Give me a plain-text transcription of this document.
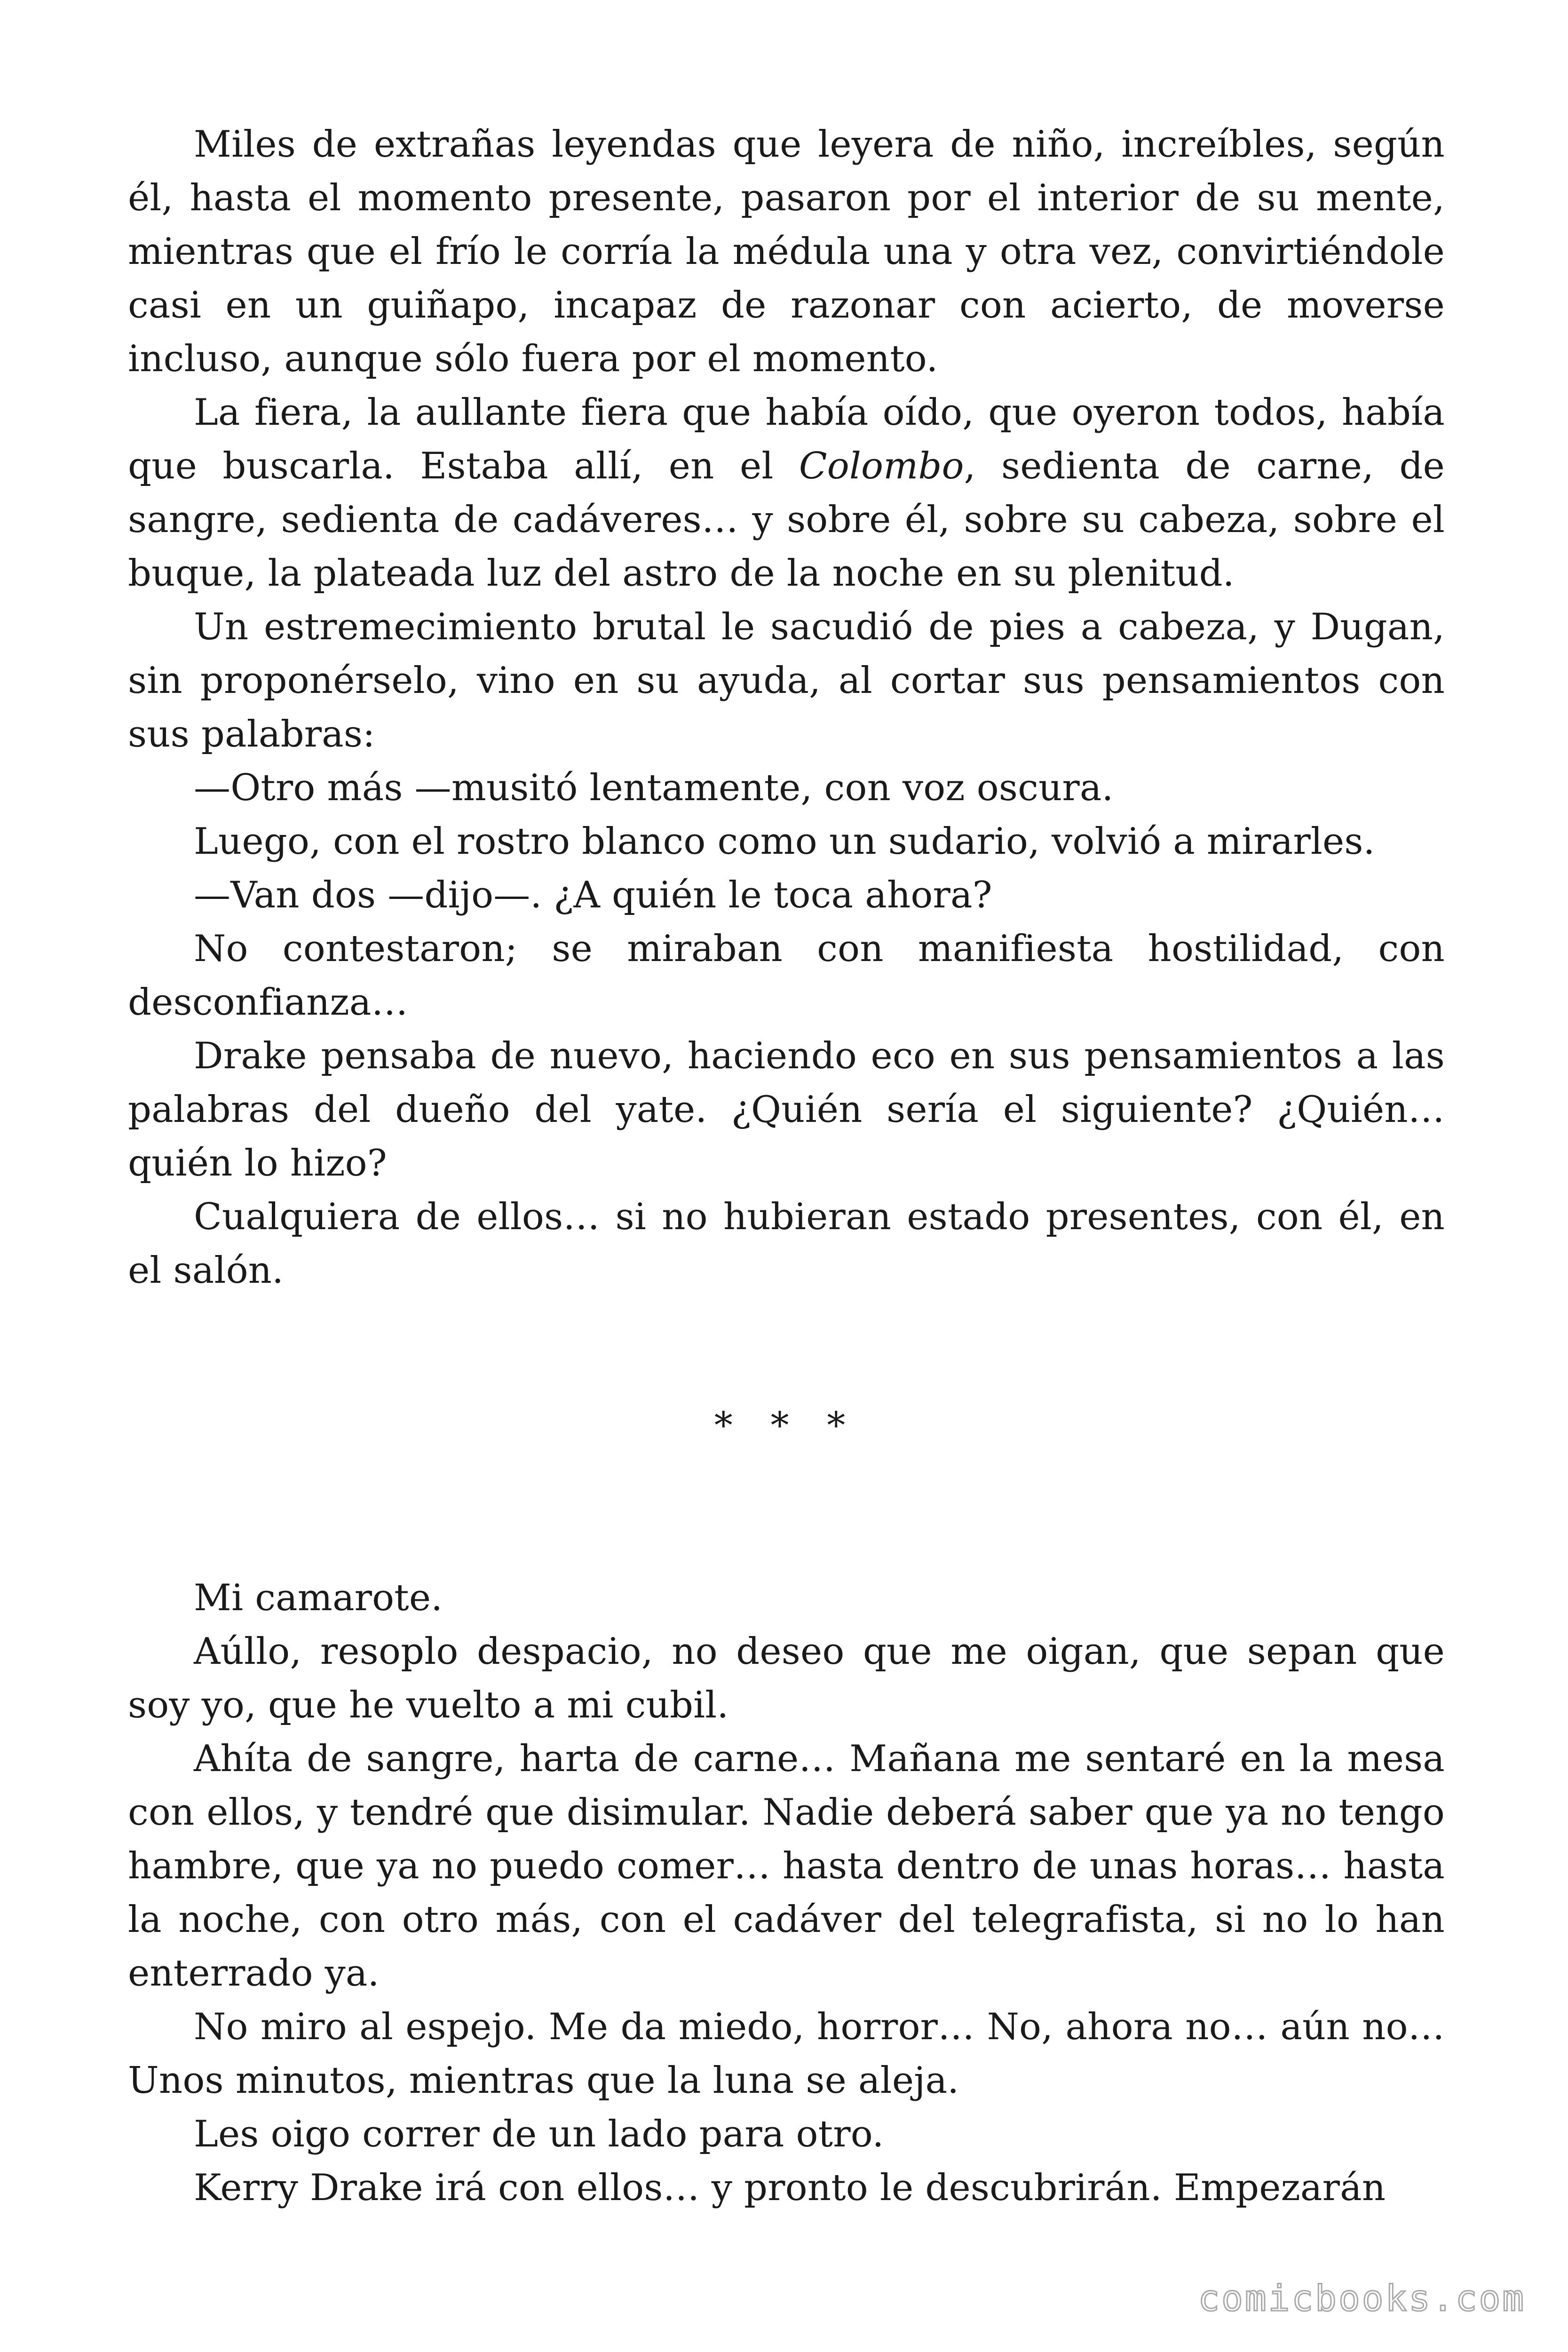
Miles de extrañas leyendas que leyera de niño, increíbles, según él, hasta el momento presente, pasaron por el interior de su mente, mientras que el frío le corría la médula una y otra vez, convirtiéndole casi en un guiñapo, incapaz de razonar con acierto, de moverse incluso, aunque sólo fuera por el momento.

La fiera, la aullante fiera que había oído, que oyeron todos, había que buscarla. Estaba allí, en el Colombo, sedienta de carne, de sangre, sedienta de cadáveres… y sobre él, sobre su cabeza, sobre el buque, la plateada luz del astro de la noche en su plenitud.

Un estremecimiento brutal le sacudió de pies a cabeza, y Dugan, sin proponérselo, vino en su ayuda, al cortar sus pensamientos con sus palabras:

—Otro más —musitó lentamente, con voz oscura.

Luego, con el rostro blanco como un sudario, volvió a mirarles.

—Van dos —dijo—. ¿A quién le toca ahora?

No contestaron; se miraban con manifiesta hostilidad, con desconfianza…

Drake pensaba de nuevo, haciendo eco en sus pensamientos a las palabras del dueño del yate. ¿Quién sería el siguiente? ¿Quién… quién lo hizo?

Cualquiera de ellos… si no hubieran estado presentes, con él, en el salón.

* * *

Mi camarote.

Aúllo, resoplo despacio, no deseo que me oigan, que sepan que soy yo, que he vuelto a mi cubil.

Ahíta de sangre, harta de carne… Mañana me sentaré en la mesa con ellos, y tendré que disimular. Nadie deberá saber que ya no tengo hambre, que ya no puedo comer… hasta dentro de unas horas… hasta la noche, con otro más, con el cadáver del telegrafista, si no lo han enterrado ya.

No miro al espejo. Me da miedo, horror… No, ahora no… aún no… Unos minutos, mientras que la luna se aleja.

Les oigo correr de un lado para otro.

Kerry Drake irá con ellos… y pronto le descubrirán. Empezarán

comicbooks.com
